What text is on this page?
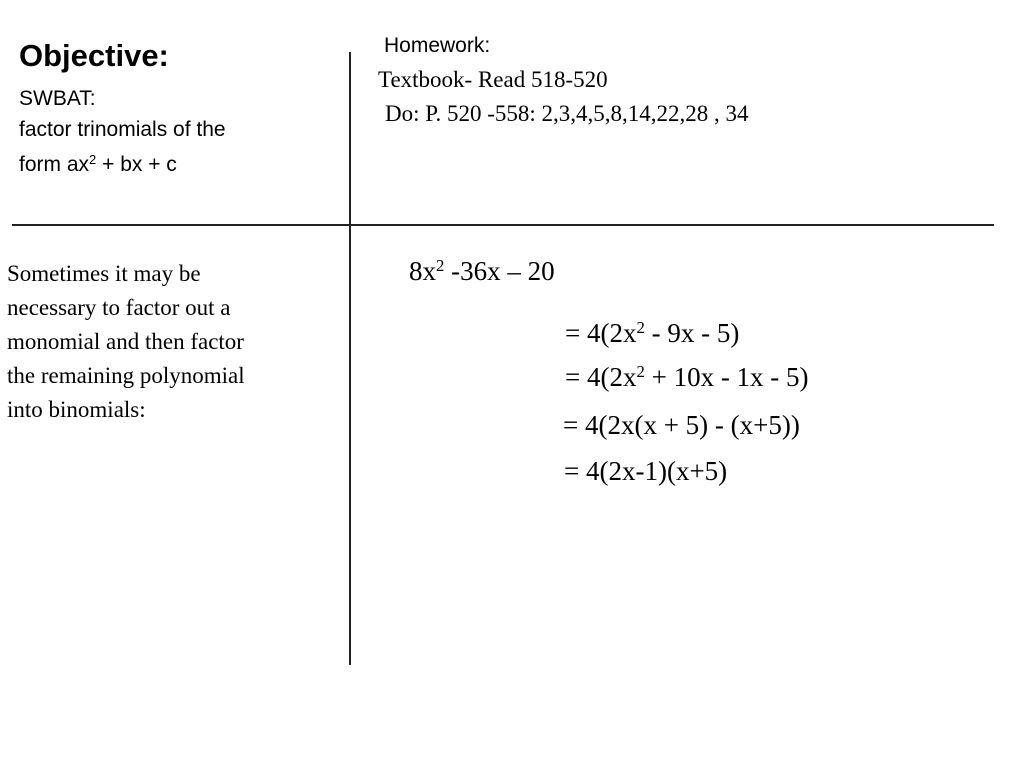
Objective:
SWBAT:
factor trinomials of the
form $ax^2$ + bx + c
Homework:
Textbook- Read 518-520
Do: P. 520 -558: 2,3,4,5,8,14,22,28 , 34
Sometimes it may be
necessary to factor out a
monomial and then factor
the remaining polynomial
into binomials:
$8x^2$ -36x – 20
= $4(2x^2 - 9x - 5)$
= $4(2x^2 + 10x - 1x - 5)$
= 4(2x(x + 5) - (x+5))
= 4(2x-1)(x+5)
